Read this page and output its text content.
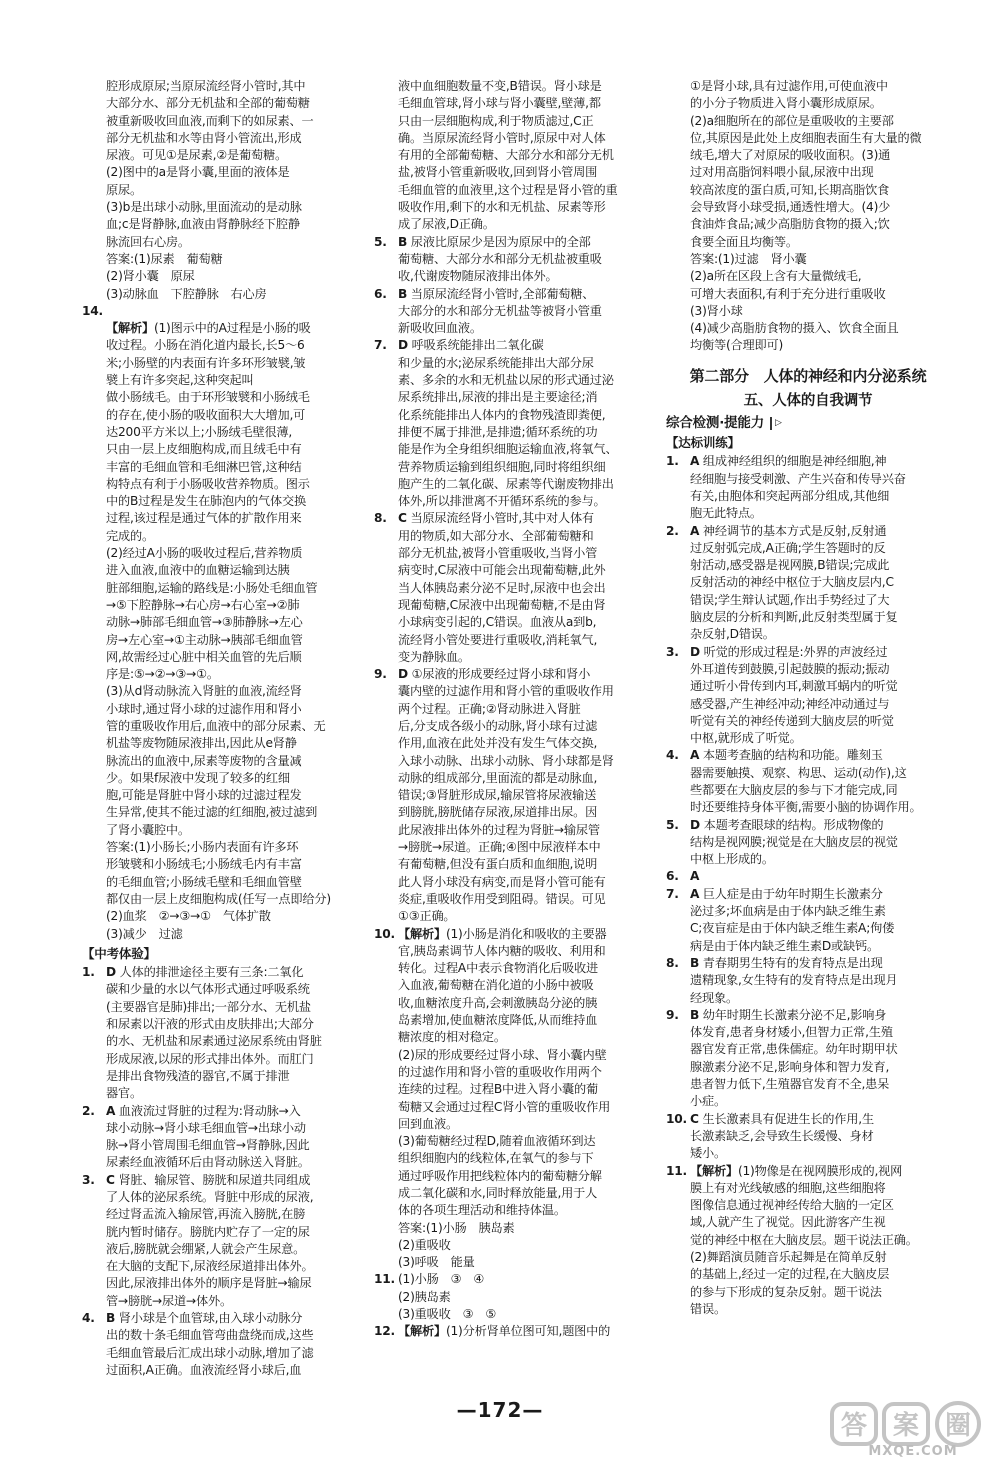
腔形成原尿;当原尿流经肾小管时,其中
大部分水、部分无机盐和全部的葡萄糖
被重新吸收回血液,而剩下的如尿素、一
部分无机盐和水等由肾小管流出,形成
尿液。可见①是尿素,②是葡萄糖。
(2)图中的a是肾小囊,里面的液体是
原尿。
(3)b是出球小动脉,里面流动的是动脉
血;c是肾静脉,血液由肾静脉经下腔静
脉流回右心房。

答案:(1)尿素　葡萄糖
(2)肾小囊　原尿
(3)动脉血　下腔静脉　右心房

14.

【解析】(1)图示中的A过程是小肠的吸
收过程。小肠在消化道内最长,长5～6
米;小肠壁的内表面有许多环形皱襞,皱
襞上有许多突起,这种突起叫
做小肠绒毛。由于环形皱襞和小肠绒毛
的存在,使小肠的吸收面积大大增加,可
达200平方米以上;小肠绒毛壁很薄,
只由一层上皮细胞构成,而且绒毛中有
丰富的毛细血管和毛细淋巴管,这种结
构特点有利于小肠吸收营养物质。图示
中的B过程是发生在肺泡内的气体交换
过程,该过程是通过气体的扩散作用来
完成的。
(2)经过A小肠的吸收过程后,营养物质
进入血液,血液中的血糖运输到达胰
脏部细胞,运输的路线是:小肠处毛细血管
→⑤下腔静脉→右心房→右心室→②肺
动脉→肺部毛细血管→③肺静脉→左心
房→左心室→①主动脉→胰部毛细血管
网,故需经过心脏中相关血管的先后顺
序是:⑤→②→③→①。
(3)从d肾动脉流入肾脏的血液,流经肾
小球时,通过肾小球的过滤作用和肾小
管的重吸收作用后,血液中的部分尿素、无
机盐等废物随尿液排出,因此从e肾静
脉流出的血液中,尿素等废物的含量减
少。如果f尿液中发现了较多的红细
胞,可能是肾脏中肾小球的过滤过程发
生异常,使其不能过滤的红细胞,被过滤到
了肾小囊腔中。

答案:(1)小肠长;小肠内表面有许多环
形皱襞和小肠绒毛;小肠绒毛内有丰富
的毛细血管;小肠绒毛壁和毛细血管壁
都仅由一层上皮细胞构成(任写一点即给分)
(2)血浆　②→③→①　气体扩散
(3)减少　过滤

【中考体验】
1. D 人体的排泄途径主要有三条:二氧化
碳和少量的水以气体形式通过呼吸系统
(主要器官是肺)排出;一部分水、无机盐
和尿素以汗液的形式由皮肤排出;大部分
的水、无机盐和尿素通过泌尿系统由肾脏
形成尿液,以尿的形式排出体外。而肛门
是排出食物残渣的器官,不属于排泄
器官。
2. A 血液流过肾脏的过程为:肾动脉→入
球小动脉→肾小球毛细血管→出球小动
脉→肾小管周围毛细血管→肾静脉,因此
尿素经血液循环后由肾动脉送入肾脏。
3. C 肾脏、输尿管、膀胱和尿道共同组成
了人体的泌尿系统。肾脏中形成的尿液,
经过肾盂流入输尿管,再流入膀胱,在膀
胱内暂时储存。膀胱内贮存了一定的尿
液后,膀胱就会绷紧,人就会产生尿意。
在大脑的支配下,尿液经尿道排出体外。
因此,尿液排出体外的顺序是肾脏→输尿
管→膀胱→尿道→体外。
4. B 肾小球是个血管球,由入球小动脉分
出的数十条毛细血管弯曲盘绕而成,这些
毛细血管最后汇成出球小动脉,增加了滤
过面积,A正确。血液流经肾小球后,血

液中血细胞数量不变,B错误。肾小球是
毛细血管球,肾小球与肾小囊壁,壁薄,都
只由一层细胞构成,利于物质滤过,C正
确。当原尿流经肾小管时,原尿中对人体
有用的全部葡萄糖、大部分水和部分无机
盐,被肾小管重新吸收,回到肾小管周围
毛细血管的血液里,这个过程是肾小管的重
吸收作用,剩下的水和无机盐、尿素等形
成了尿液,D正确。

5. B 尿液比原尿少是因为原尿中的全部
葡萄糖、大部分水和部分无机盐被重吸
收,代谢废物随尿液排出体外。
6. B 当原尿流经肾小管时,全部葡萄糖、
大部分的水和部分无机盐等被肾小管重
新吸收回血液。
7. D 呼吸系统能排出二氧化碳
和少量的水;泌尿系统能排出大部分尿
素、多余的水和无机盐以尿的形式通过泌
尿系统排出,尿液的排出是主要途径;消
化系统能排出人体内的食物残渣即粪便,
排便不属于排泄,是排遗;循环系统的功
能是作为全身组织细胞运输血液,将氧气、
营养物质运输到组织细胞,同时将组织细
胞产生的二氧化碳、尿素等代谢废物排出
体外,所以排泄离不开循环系统的参与。
8. C 当原尿流经肾小管时,其中对人体有
用的物质,如大部分水、全部葡萄糖和
部分无机盐,被肾小管重吸收,当肾小管
病变时,C尿液中可能会出现葡萄糖,此外
当人体胰岛素分泌不足时,尿液中也会出
现葡萄糖,C尿液中出现葡萄糖,不是由肾
小球病变引起的,C错误。血液从a到b,
流经肾小管处要进行重吸收,消耗氧气,
变为静脉血。
9. D ①尿液的形成要经过肾小球和肾小
囊内壁的过滤作用和肾小管的重吸收作用
两个过程。正确;②肾动脉进入肾脏
后,分支成各级小的动脉,肾小球有过滤
作用,血液在此处并没有发生气体交换,
入球小动脉、出球小动脉、肾小球都是肾
动脉的组成部分,里面流的都是动脉血,
错误;③肾脏形成尿,输尿管将尿液输送
到膀胱,膀胱储存尿液,尿道排出尿。因
此尿液排出体外的过程为肾脏→输尿管
→膀胱→尿道。正确;④图中尿液样本中
有葡萄糖,但没有蛋白质和血细胞,说明
此人肾小球没有病变,而是肾小管可能有
炎症,重吸收作用受到阻碍。错误。可见
①③正确。
10. 【解析】(1)小肠是消化和吸收的主要器
官,胰岛素调节人体内糖的吸收、利用和
转化。过程A中表示食物消化后吸收进
入血液,葡萄糖在消化道的小肠中被吸
收,血糖浓度升高,会刺激胰岛分泌的胰
岛素增加,使血糖浓度降低,从而维持血
糖浓度的相对稳定。
(2)尿的形成要经过肾小球、肾小囊内壁
的过滤作用和肾小管的重吸收作用两个
连续的过程。过程B中进入肾小囊的葡
萄糖又会通过过程C肾小管的重吸收作用
回到血液。
(3)葡萄糖经过程D,随着血液循环到达
组织细胞内的线粒体,在氧气的参与下
通过呼吸作用把线粒体内的葡萄糖分解
成二氧化碳和水,同时释放能量,用于人
体的各项生理活动和维持体温。
答案:(1)小肠　胰岛素
(2)重吸收
(3)呼吸　能量
11. (1)小肠　③　④
(2)胰岛素
(3)重吸收　③　⑤
12. 【解析】(1)分析肾单位图可知,题图中的

①是肾小球,具有过滤作用,可使血液中
的小分子物质进入肾小囊形成原尿。
(2)a细胞所在的部位是重吸收的主要部
位,其原因是此处上皮细胞表面生有大量的微
绒毛,增大了对原尿的吸收面积。(3)通
过对用高脂饲料喂小鼠,尿液中出现
较高浓度的蛋白质,可知,长期高脂饮食
会导致肾小球受损,通透性增大。(4)少
食油炸食品;减少高脂肪食物的摄入;饮
食要全面且均衡等。

答案:(1)过滤　肾小囊
(2)a所在区段上含有大量微绒毛,
可增大表面积,有利于充分进行重吸收
(3)肾小球
(4)减少高脂肪食物的摄入、饮食全面且
均衡等(合理即可)

第二部分　人体的神经和内分泌系统
五、人体的自我调节
综合检测·提能力 ▷
【达标训练】
1. A 组成神经组织的细胞是神经细胞,神
经细胞与接受刺激、产生兴奋和传导兴奋
有关,由胞体和突起两部分组成,其他细
胞无此特点。
2. A 神经调节的基本方式是反射,反射通
过反射弧完成,A正确;学生答题时的反
射活动,感受器是视网膜,B错误;完成此
反射活动的神经中枢位于大脑皮层内,C
错误;学生辩认试题,作出手势经过了大
脑皮层的分析和判断,此反射类型属于复
杂反射,D错误。
3. D 听觉的形成过程是:外界的声波经过
外耳道传到鼓膜,引起鼓膜的振动;振动
通过听小骨传到内耳,刺激耳蜗内的听觉
感受器,产生神经冲动;神经冲动通过与
听觉有关的神经传递到大脑皮层的听觉
中枢,就形成了听觉。
4. A 本题考查脑的结构和功能。雕刻玉
器需要触摸、观察、构思、运动(动作),这
些都要在大脑皮层的参与下才能完成,同
时还要维持身体平衡,需要小脑的协调作用。
5. D 本题考查眼球的结构。形成物像的
结构是视网膜;视觉是在大脑皮层的视觉
中枢上形成的。
6. A
7. A 巨人症是由于幼年时期生长激素分
泌过多;坏血病是由于体内缺乏维生素
C;夜盲症是由于体内缺乏维生素A;佝偻
病是由于体内缺乏维生素D或缺钙。
8. B 青春期男生特有的发育特点是出现
遗精现象,女生特有的发育特点是出现月
经现象。
9. B 幼年时期生长激素分泌不足,影响身
体发育,患者身材矮小,但智力正常,生殖
器官发育正常,患侏儒症。幼年时期甲状
腺激素分泌不足,影响身体和智力发育,
患者智力低下,生殖器官发育不全,患呆
小症。
10. C 生长激素具有促进生长的作用,生
长激素缺乏,会导致生长缓慢、身材
矮小。
11. 【解析】(1)物像是在视网膜形成的,视网
膜上有对光线敏感的细胞,这些细胞将
图像信息通过视神经传给大脑的一定区
域,人就产生了视觉。因此游客产生视
觉的神经中枢在大脑皮层。题干说法正确。
(2)舞蹈演员随音乐起舞是在简单反射
的基础上,经过一定的过程,在大脑皮层
的参与下形成的复杂反射。题干说法
错误。
—172—
答 案 圈
MXQE.COM
